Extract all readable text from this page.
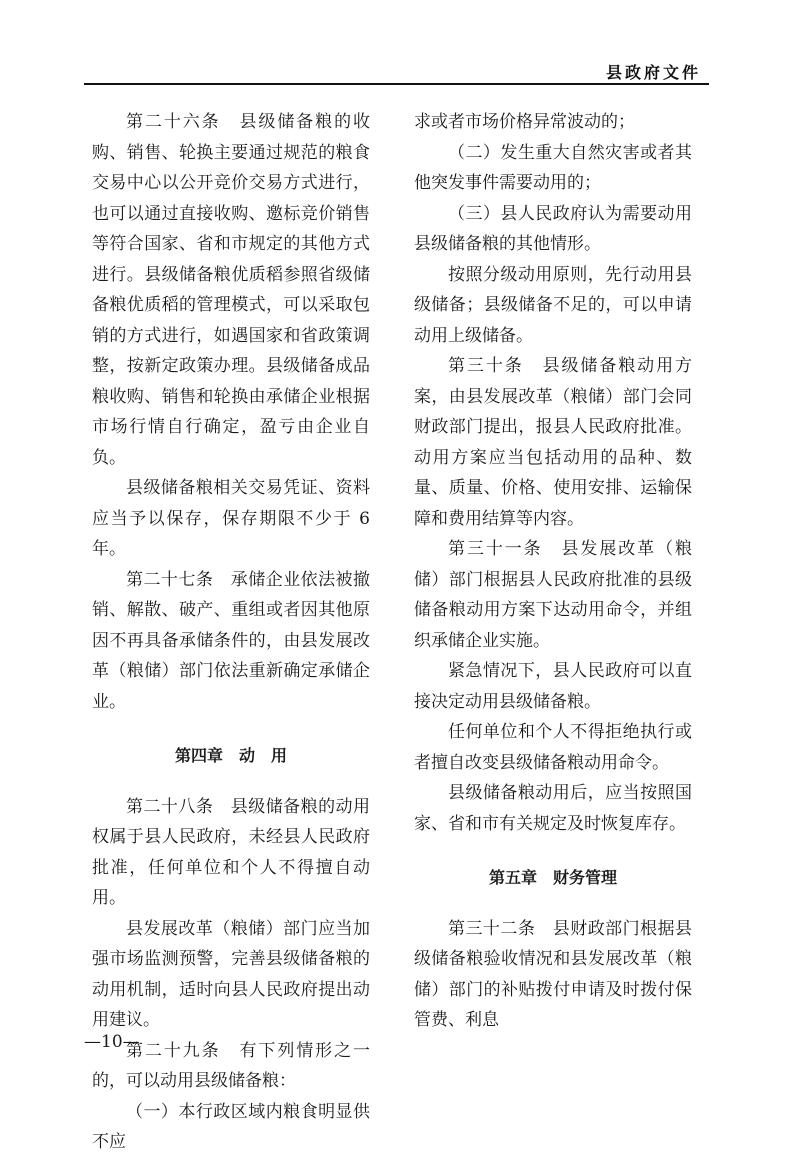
县政府文件

第二十六条　县级储备粮的收购、销售、轮换主要通过规范的粮食交易中心以公开竞价交易方式进行，也可以通过直接收购、邀标竞价销售等符合国家、省和市规定的其他方式进行。县级储备粮优质稻参照省级储备粮优质稻的管理模式，可以采取包销的方式进行，如遇国家和省政策调整，按新定政策办理。县级储备成品粮收购、销售和轮换由承储企业根据市场行情自行确定，盈亏由企业自负。

县级储备粮相关交易凭证、资料应当予以保存，保存期限不少于 6 年。

第二十七条　承储企业依法被撤销、解散、破产、重组或者因其他原因不再具备承储条件的，由县发展改革（粮储）部门依法重新确定承储企业。

第四章　动　用

第二十八条　县级储备粮的动用权属于县人民政府，未经县人民政府批准，任何单位和个人不得擅自动用。

县发展改革（粮储）部门应当加强市场监测预警，完善县级储备粮的动用机制，适时向县人民政府提出动用建议。

第二十九条　有下列情形之一的，可以动用县级储备粮：

（一）本行政区域内粮食明显供不应

求或者市场价格异常波动的；

（二）发生重大自然灾害或者其他突发事件需要动用的；

（三）县人民政府认为需要动用县级储备粮的其他情形。

按照分级动用原则，先行动用县级储备；县级储备不足的，可以申请动用上级储备。

第三十条　县级储备粮动用方案，由县发展改革（粮储）部门会同财政部门提出，报县人民政府批准。动用方案应当包括动用的品种、数量、质量、价格、使用安排、运输保障和费用结算等内容。

第三十一条　县发展改革（粮储）部门根据县人民政府批准的县级储备粮动用方案下达动用命令，并组织承储企业实施。

紧急情况下，县人民政府可以直接决定动用县级储备粮。

任何单位和个人不得拒绝执行或者擅自改变县级储备粮动用命令。

县级储备粮动用后，应当按照国家、省和市有关规定及时恢复库存。

第五章　财务管理

第三十二条　县财政部门根据县级储备粮验收情况和县发展改革（粮储）部门的补贴拨付申请及时拨付保管费、利息

—10—
